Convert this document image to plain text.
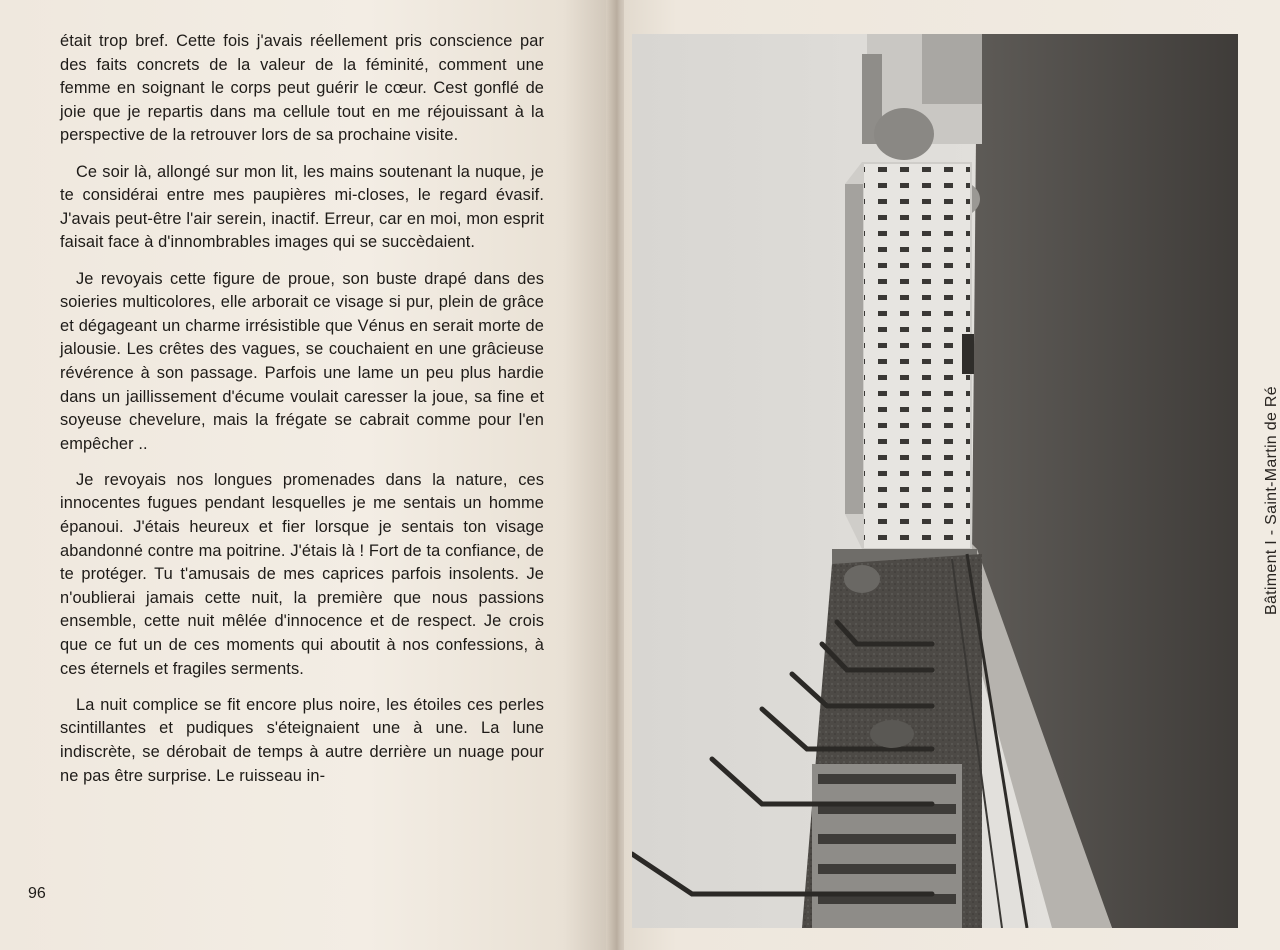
était trop bref. Cette fois j'avais réellement pris conscience par des faits concrets de la valeur de la féminité, comment une femme en soignant le corps peut guérir le cœur. Cest gonflé de joie que je repartis dans ma cellule tout en me réjouissant à la perspective de la retrouver lors de sa prochaine visite.

Ce soir là, allongé sur mon lit, les mains soutenant la nuque, je te considérai entre mes paupières mi-closes, le regard évasif. J'avais peut-être l'air serein, inactif. Erreur, car en moi, mon esprit faisait face à d'innombrables images qui se succèdaient.

Je revoyais cette figure de proue, son buste drapé dans des soieries multicolores, elle arborait ce visage si pur, plein de grâce et dégageant un charme irrésistible que Vénus en serait morte de jalousie. Les crêtes des vagues, se couchaient en une grâcieuse révérence à son passage. Parfois une lame un peu plus hardie dans un jaillissement d'écume voulait caresser la joue, sa fine et soyeuse chevelure, mais la frégate se cabrait comme pour l'en empêcher ..

Je revoyais nos longues promenades dans la nature, ces innocentes fugues pendant lesquelles je me sentais un homme épanoui. J'étais heureux et fier lorsque je sentais ton visage abandonné contre ma poitrine. J'étais là ! Fort de ta confiance, de te protéger. Tu t'amusais de mes caprices parfois insolents. Je n'oublierai jamais cette nuit, la première que nous passions ensemble, cette nuit mêlée d'innocence et de respect. Je crois que ce fut un de ces moments qui aboutit à nos confessions, à ces éternels et fragiles serments.

La nuit complice se fit encore plus noire, les étoiles ces perles scintillantes et pudiques s'éteignaient une à une. La lune indiscrète, se dérobait de temps à autre derrière un nuage pour ne pas être surprise. Le ruisseau in-

96
Bâtiment I - Saint-Martin de Ré
